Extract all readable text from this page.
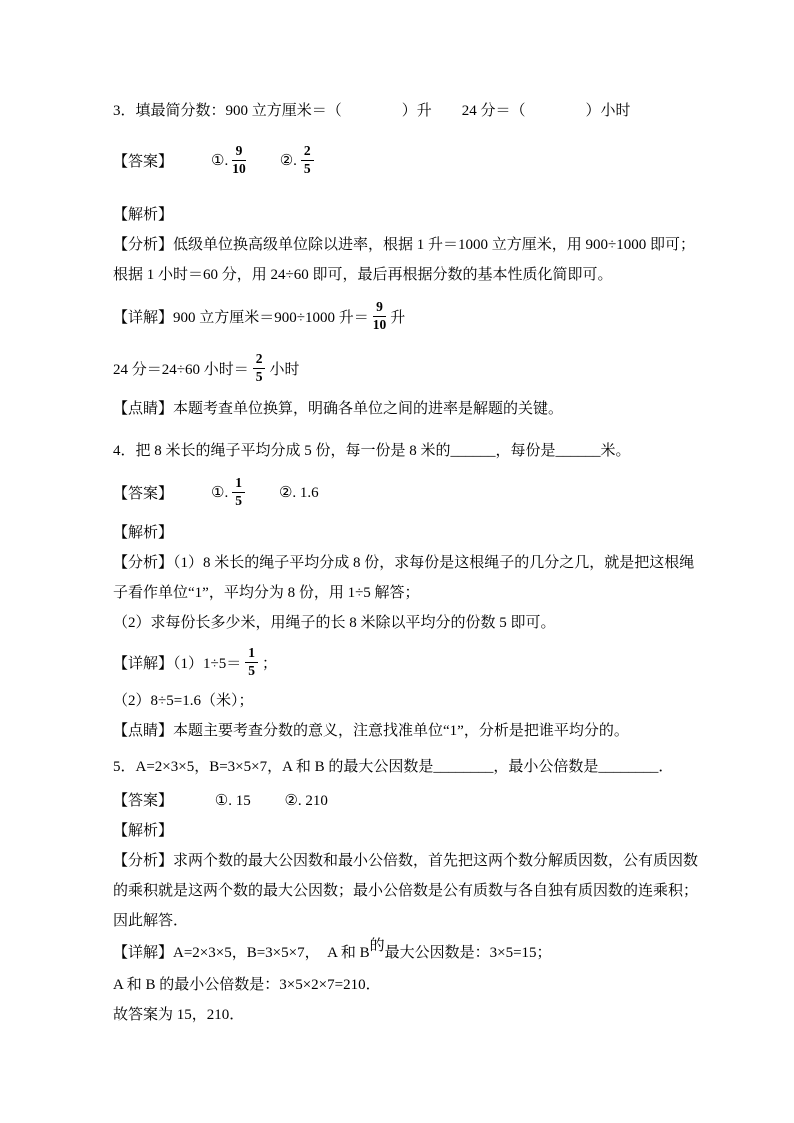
3．填最简分数：900 立方厘米＝（　　　　）升　　24 分＝（　　　　）小时
【答案】	①. $\frac{9}{10}$ ②. $\frac{2}{5}$
【解析】
【分析】低级单位换高级单位除以进率，根据 1 升＝1000 立方厘米，用 900÷1000 即可；
根据 1 小时＝60 分，用 24÷60 即可，最后再根据分数的基本性质化简即可。
【详解】900 立方厘米＝900÷1000 升＝ $\frac{9}{10}$ 升
24 分＝24÷60 小时＝ $\frac{2}{5}$ 小时
【点睛】本题考查单位换算，明确各单位之间的进率是解题的关键。
4．把 8 米长的绳子平均分成 5 份，每一份是 8 米的______，每份是______米。
【答案】	①. $\frac{1}{5}$ ②. 1.6
【解析】
【分析】（1）8 米长的绳子平均分成 8 份，求每份是这根绳子的几分之几，就是把这根绳
子看作单位“1”，平均分为 8 份，用 1÷5 解答；
（2）求每份长多少米，用绳子的长 8 米除以平均分的份数 5 即可。
【详解】$(1)1\div 5= \frac{1}{5}$ ；
（2）8÷5=1.6（米）；
【点睛】本题主要考查分数的意义，注意找准单位“1”，分析是把谁平均分的。
5．A=2×3×5，B=3×5×7，A 和 B 的最大公因数是________，最小公倍数是________．
【答案】	①. 15 ②. 210
【解析】
【分析】求两个数的最大公因数和最小公倍数，首先把这两个数分解质因数，公有质因数
的乘积就是这两个数的最大公因数；最小公倍数是公有质数与各自独有质因数的连乘积；
因此解答．
【详解】A=2×3×5，B=3×5×7，　A 和 B的最大公因数是：3×5=15；
A 和 B 的最小公倍数是：3×5×2×7=210．
故答案为 15，210．
